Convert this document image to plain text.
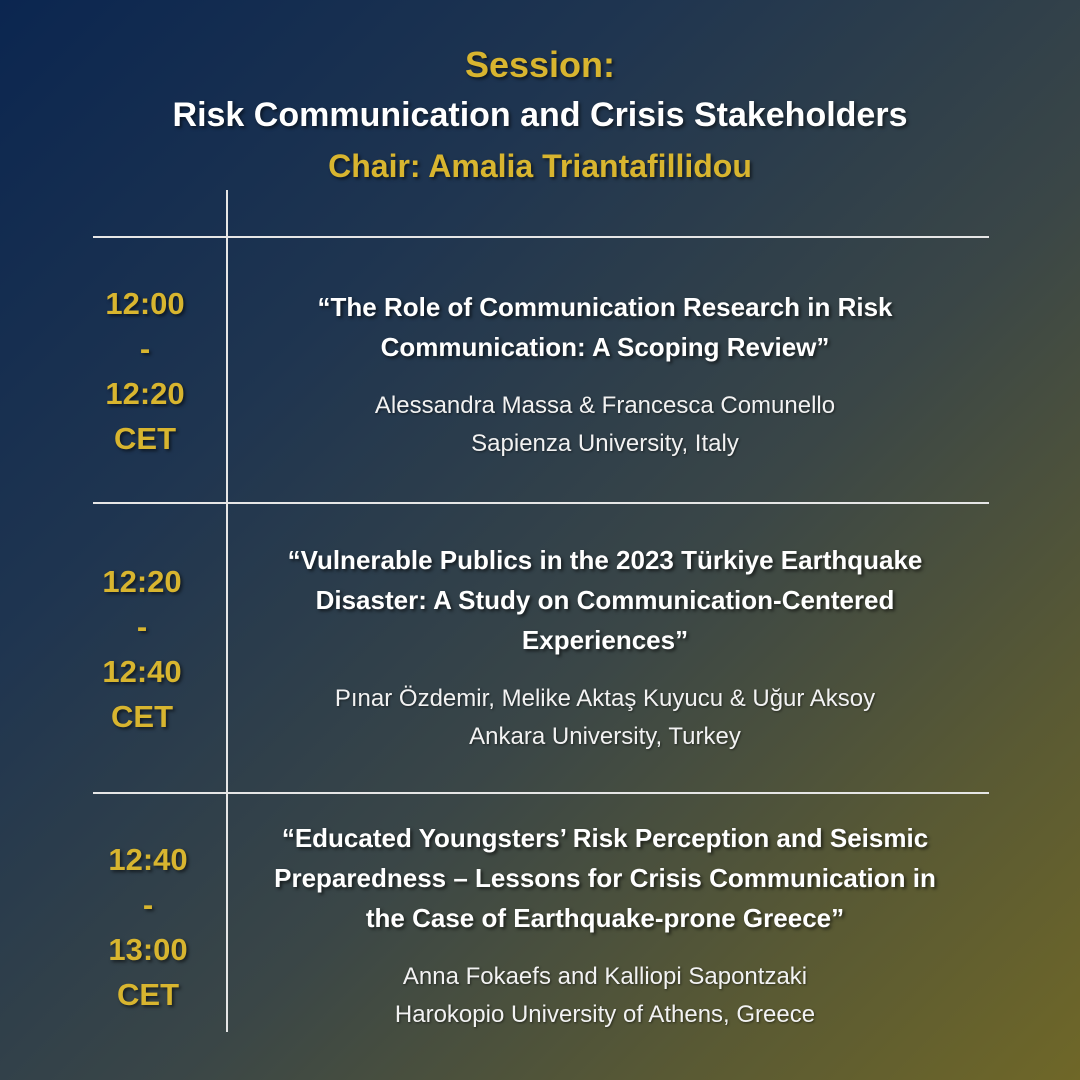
Session:
Risk Communication and Crisis Stakeholders
Chair: Amalia Triantafillidou
12:00
-
12:20
CET
“The Role of Communication Research in Risk
Communication: A Scoping Review”
Alessandra Massa & Francesca Comunello
Sapienza University, Italy
12:20
-
12:40
CET
“Vulnerable Publics in the 2023 Türkiye Earthquake
Disaster: A Study on Communication-Centered
Experiences”
Pınar Özdemir, Melike Aktaş Kuyucu & Uğur Aksoy
Ankara University, Turkey
12:40
-
13:00
CET
“Educated Youngsters’ Risk Perception and Seismic
Preparedness – Lessons for Crisis Communication in
the Case of Earthquake-prone Greece”
Anna Fokaefs and Kalliopi Sapontzaki
Harokopio University of Athens, Greece
